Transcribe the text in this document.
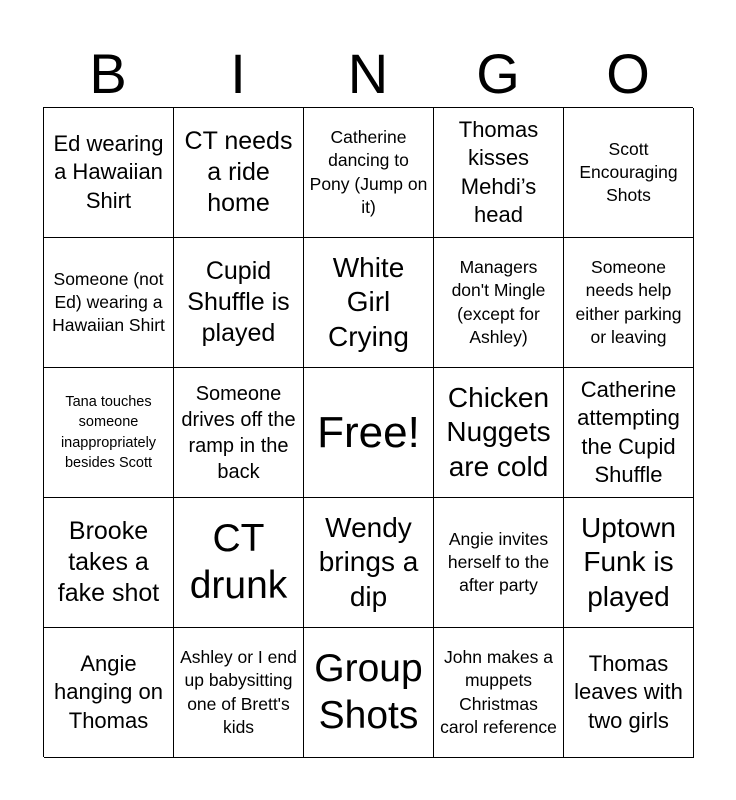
B	I	N	G	O
Ed wearing a Hawaiian Shirt
CT needs a ride home
Catherine dancing to Pony (Jump on it)
Thomas kisses Mehdi’s head
Scott Encouraging Shots
Someone (not Ed) wearing a Hawaiian Shirt
Cupid Shuffle is played
White Girl Crying
Managers don't Mingle (except for Ashley)
Someone needs help either parking or leaving
Tana touches someone inappropriately besides Scott
Someone drives off the ramp in the back
Free!
Chicken Nuggets are cold
Catherine attempting the Cupid Shuffle
Brooke takes a fake shot
CT drunk
Wendy brings a dip
Angie invites herself to the after party
Uptown Funk is played
Angie hanging on Thomas
Ashley or I end up babysitting one of Brett's kids
Group Shots
John makes a muppets Christmas carol reference
Thomas leaves with two girls
